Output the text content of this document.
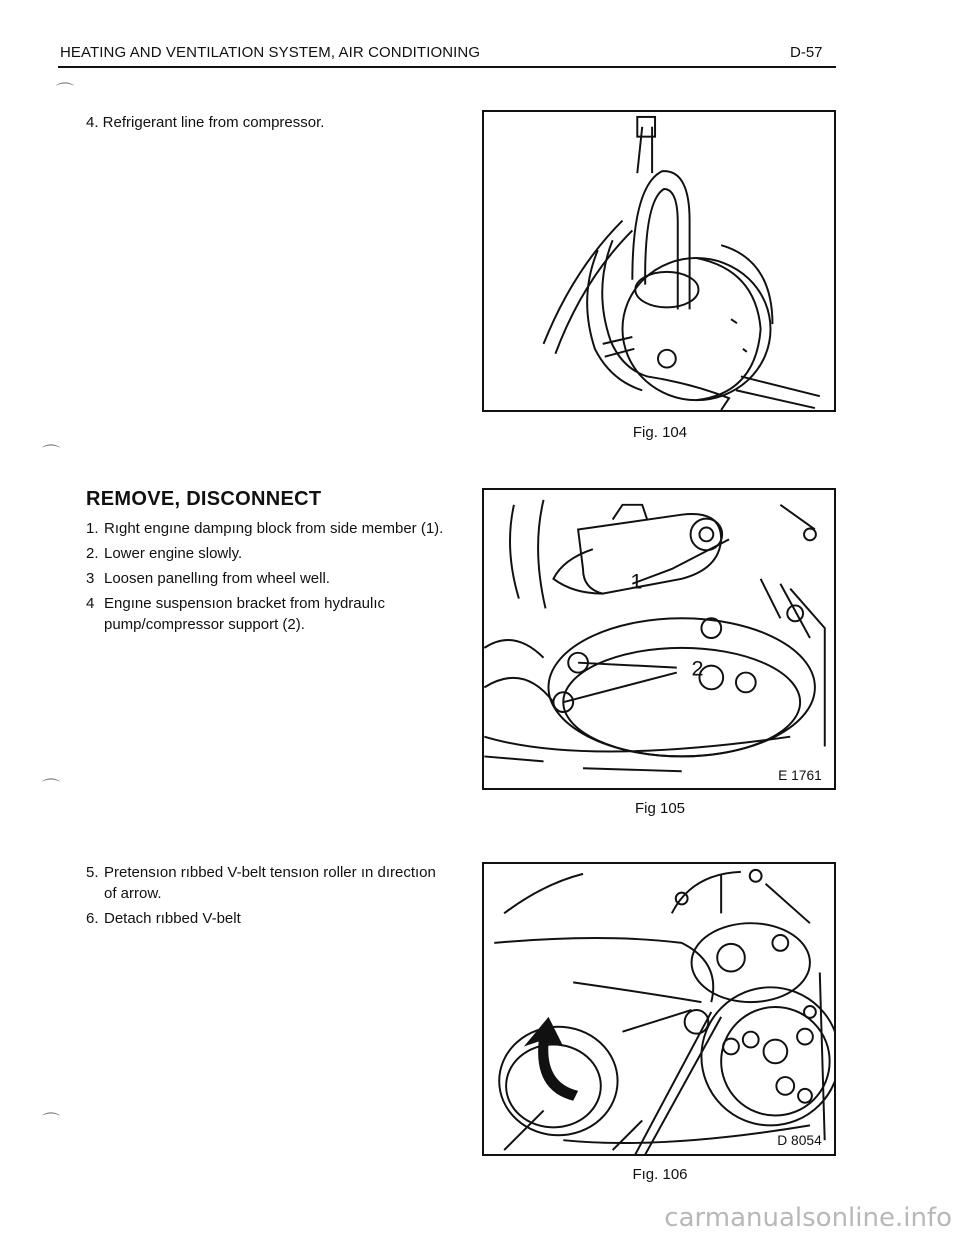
HEATING AND VENTILATION SYSTEM, AIR CONDITIONING	D-57
⌒
⌒
⌒
⌒
4. Refrigerant line from compressor.
REMOVE, DISCONNECT
1. Rıght engıne dampıng block from side member (1).
2. Lower engine slowly.
3 Loosen panellıng from wheel well.
4 Engıne suspensıon bracket from hydraulıc pump/compressor support (2).
5. Pretensıon rıbbed V-belt tensıon roller ın dırectıon of arrow.
6. Detach rıbbed V-belt
Fig. 104
1
2
E 1761
Fig 105
D 8054
Fıg. 106
carmanualsonline.info
